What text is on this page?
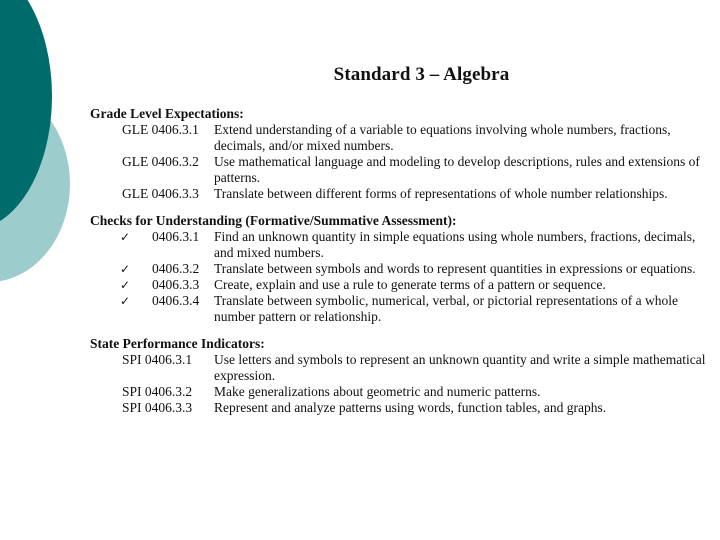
Standard 3 – Algebra

Grade Level Expectations:

GLE 0406.3.1	Extend understanding of a variable to equations involving whole numbers, fractions, decimals, and/or mixed numbers.
GLE 0406.3.2	Use mathematical language and modeling to develop descriptions, rules and extensions of patterns.
GLE 0406.3.3	Translate between different forms of representations of whole number relationships.

Checks for Understanding (Formative/Summative Assessment):

✓ 0406.3.1	Find an unknown quantity in simple equations using whole numbers, fractions, decimals, and mixed numbers.
✓ 0406.3.2	Translate between symbols and words to represent quantities in expressions or equations.
✓ 0406.3.3	Create, explain and use a rule to generate terms of a pattern or sequence.
✓ 0406.3.4	Translate between symbolic, numerical, verbal, or pictorial representations of a whole number pattern or relationship.

State Performance Indicators:

SPI 0406.3.1	Use letters and symbols to represent an unknown quantity and write a simple mathematical expression.
SPI 0406.3.2	Make generalizations about geometric and numeric patterns.
SPI 0406.3.3	Represent and analyze patterns using words, function tables, and graphs.
